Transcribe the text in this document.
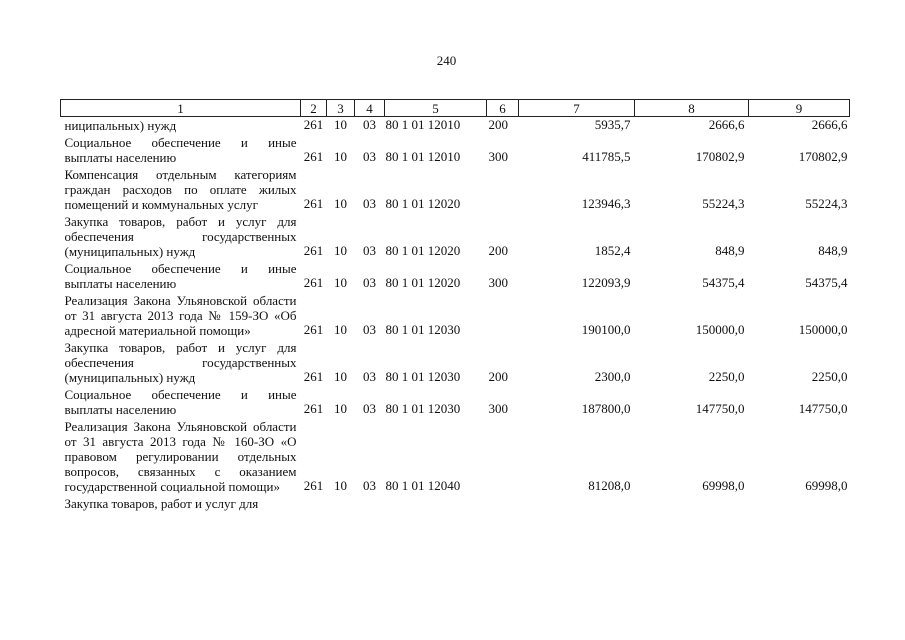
240
1	2	3	4	5	6	7	8	9
ниципальных) нужд	261	10	03	80 1 01 12010	200	5935,7	2666,6	2666,6
Социальное обеспечение и иные выплаты населению	261	10	03	80 1 01 12010	300	411785,5	170802,9	170802,9
Компенсация отдельным категориям граждан расходов по оплате жилых помещений и коммунальных услуг	261	10	03	80 1 01 12020		123946,3	55224,3	55224,3
Закупка товаров, работ и услуг для обеспечения государственных (муниципальных) нужд	261	10	03	80 1 01 12020	200	1852,4	848,9	848,9
Социальное обеспечение и иные выплаты населению	261	10	03	80 1 01 12020	300	122093,9	54375,4	54375,4
Реализация Закона Ульяновской области от 31 августа 2013 года № 159-ЗО «Об адресной материальной помощи»	261	10	03	80 1 01 12030		190100,0	150000,0	150000,0
Закупка товаров, работ и услуг для обеспечения государственных (муниципальных) нужд	261	10	03	80 1 01 12030	200	2300,0	2250,0	2250,0
Социальное обеспечение и иные выплаты населению	261	10	03	80 1 01 12030	300	187800,0	147750,0	147750,0
Реализация Закона Ульяновской области от 31 августа 2013 года № 160-ЗО «О правовом регулировании отдельных вопросов, связанных с оказанием государственной социальной помощи»	261	10	03	80 1 01 12040		81208,0	69998,0	69998,0
Закупка товаров, работ и услуг для								
